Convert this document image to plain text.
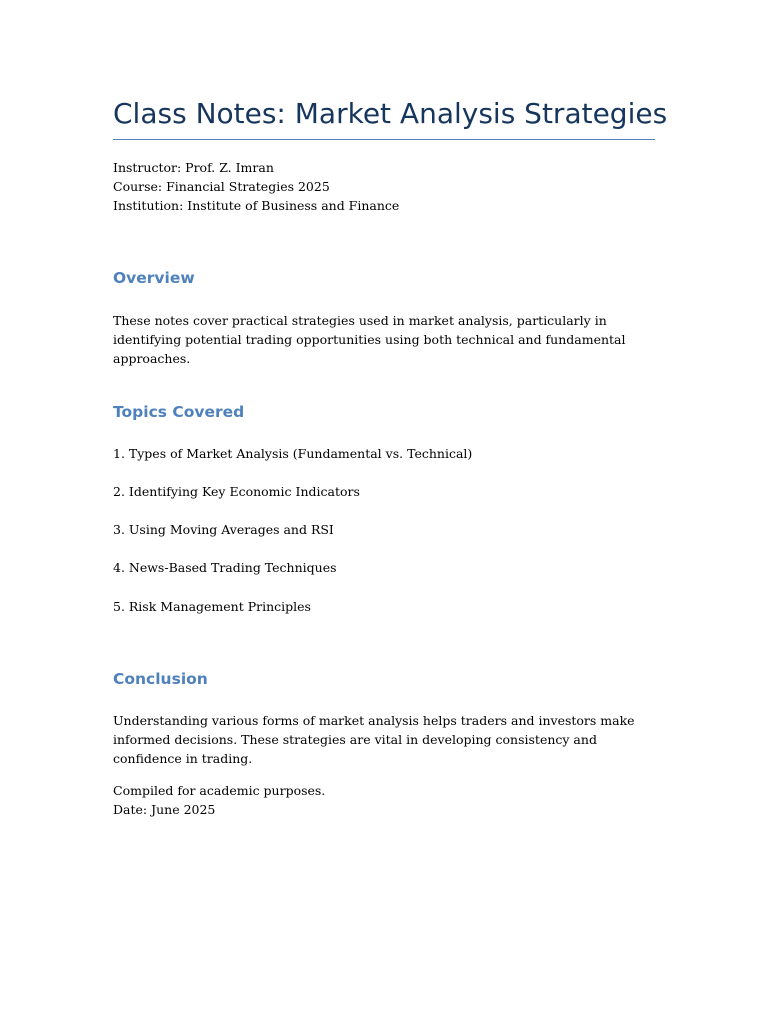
Class Notes: Market Analysis Strategies
Instructor: Prof. Z. Imran
Course: Financial Strategies 2025
Institution: Institute of Business and Finance
Overview

These notes cover practical strategies used in market analysis, particularly in identifying potential trading opportunities using both technical and fundamental approaches.

Topics Covered

1. Types of Market Analysis (Fundamental vs. Technical)

2. Identifying Key Economic Indicators

3. Using Moving Averages and RSI

4. News-Based Trading Techniques

5. Risk Management Principles

Conclusion

Understanding various forms of market analysis helps traders and investors make informed decisions. These strategies are vital in developing consistency and confidence in trading.

Compiled for academic purposes.
Date: June 2025
